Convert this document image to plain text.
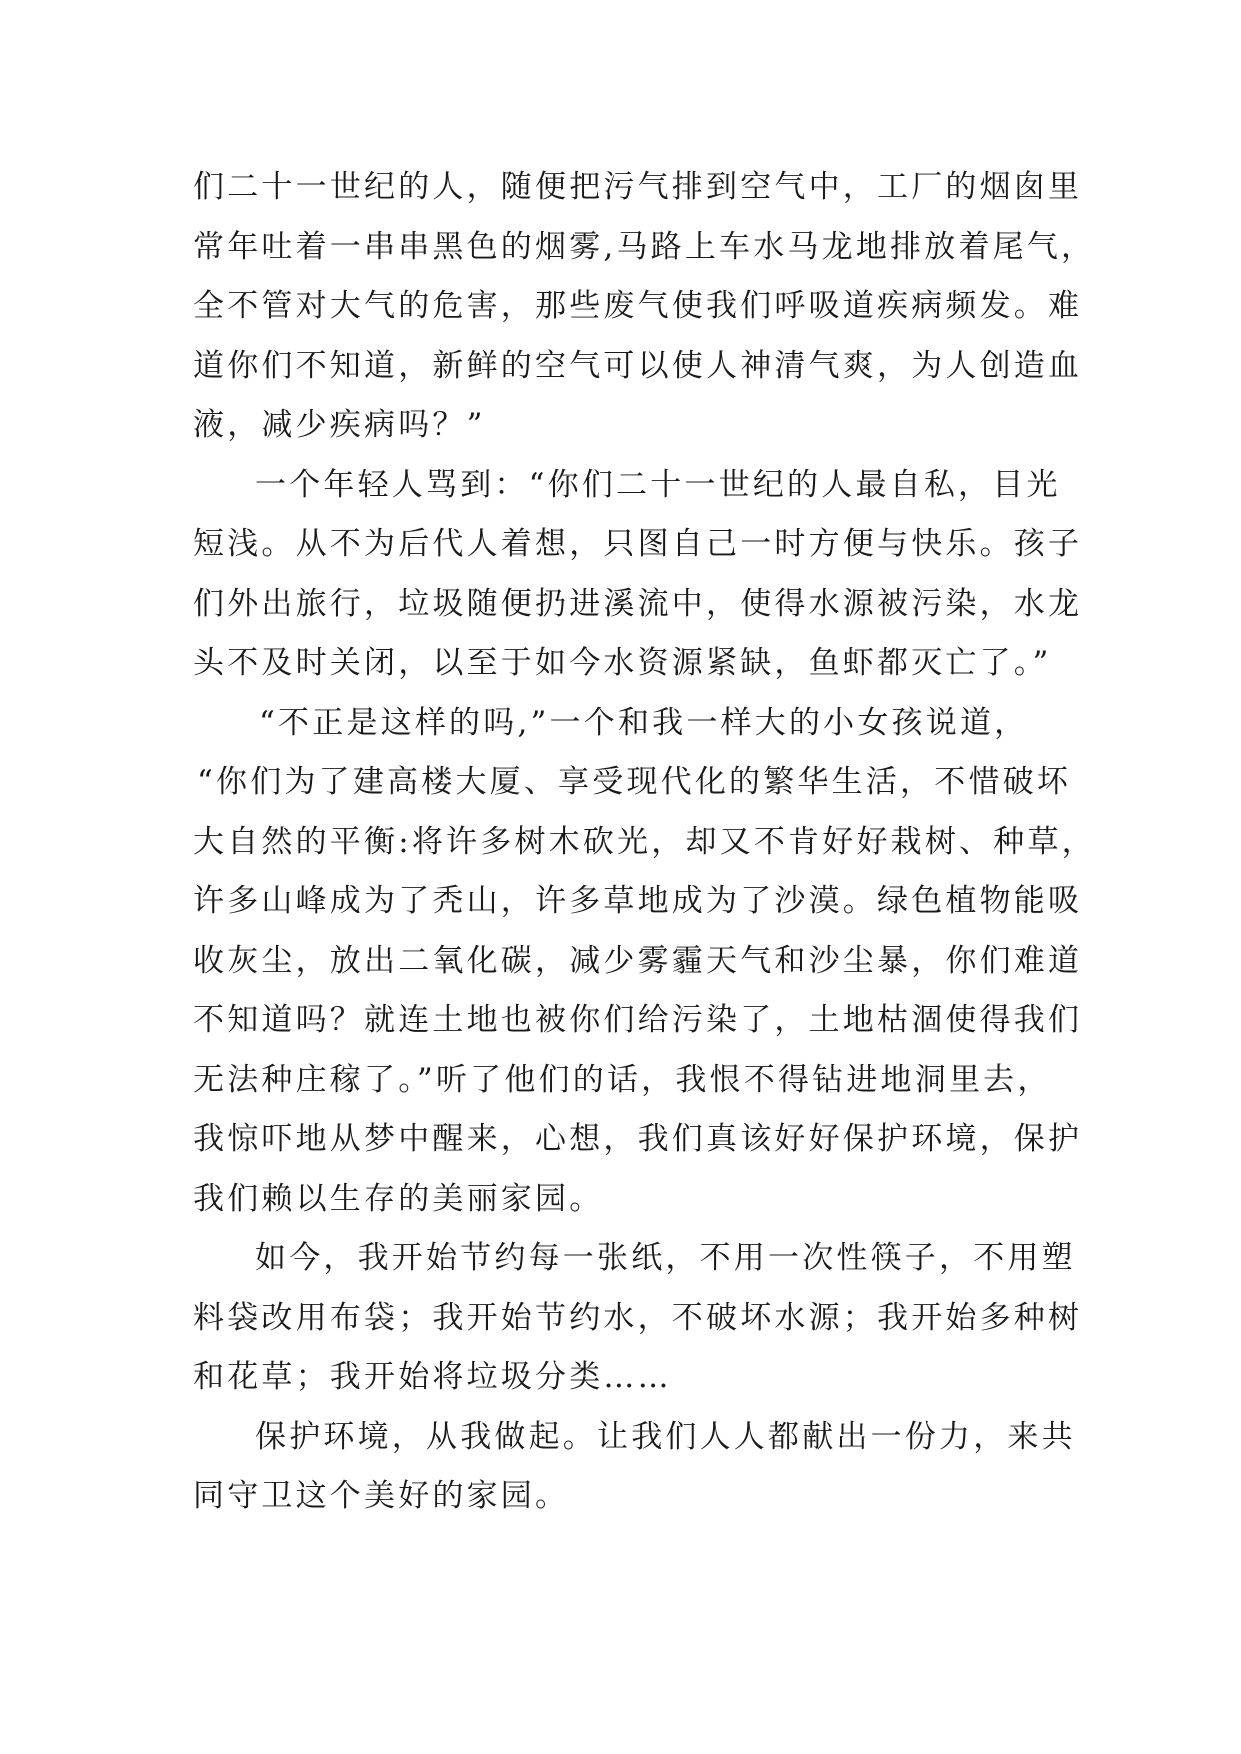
们二十一世纪的人，随便把污气排到空气中，工厂的烟囱里
常年吐着一串串黑色的烟雾,马路上车水马龙地排放着尾气，
全不管对大气的危害，那些废气使我们呼吸道疾病频发。难
道你们不知道，新鲜的空气可以使人神清气爽，为人创造血
液，减少疾病吗？”
一个年轻人骂到：“你们二十一世纪的人最自私，目光
短浅。从不为后代人着想，只图自己一时方便与快乐。孩子
们外出旅行，垃圾随便扔进溪流中，使得水源被污染，水龙
头不及时关闭，以至于如今水资源紧缺，鱼虾都灭亡了。”
“不正是这样的吗,”一个和我一样大的小女孩说道，
“你们为了建高楼大厦、享受现代化的繁华生活，不惜破坏
大自然的平衡:将许多树木砍光，却又不肯好好栽树、种草，
许多山峰成为了秃山，许多草地成为了沙漠。绿色植物能吸
收灰尘，放出二氧化碳，减少雾霾天气和沙尘暴，你们难道
不知道吗？就连土地也被你们给污染了，土地枯涸使得我们
无法种庄稼了。”听了他们的话，我恨不得钻进地洞里去，
我惊吓地从梦中醒来，心想，我们真该好好保护环境，保护
我们赖以生存的美丽家园。
如今，我开始节约每一张纸，不用一次性筷子，不用塑
料袋改用布袋；我开始节约水，不破坏水源；我开始多种树
和花草；我开始将垃圾分类……
保护环境，从我做起。让我们人人都献出一份力，来共
同守卫这个美好的家园。
